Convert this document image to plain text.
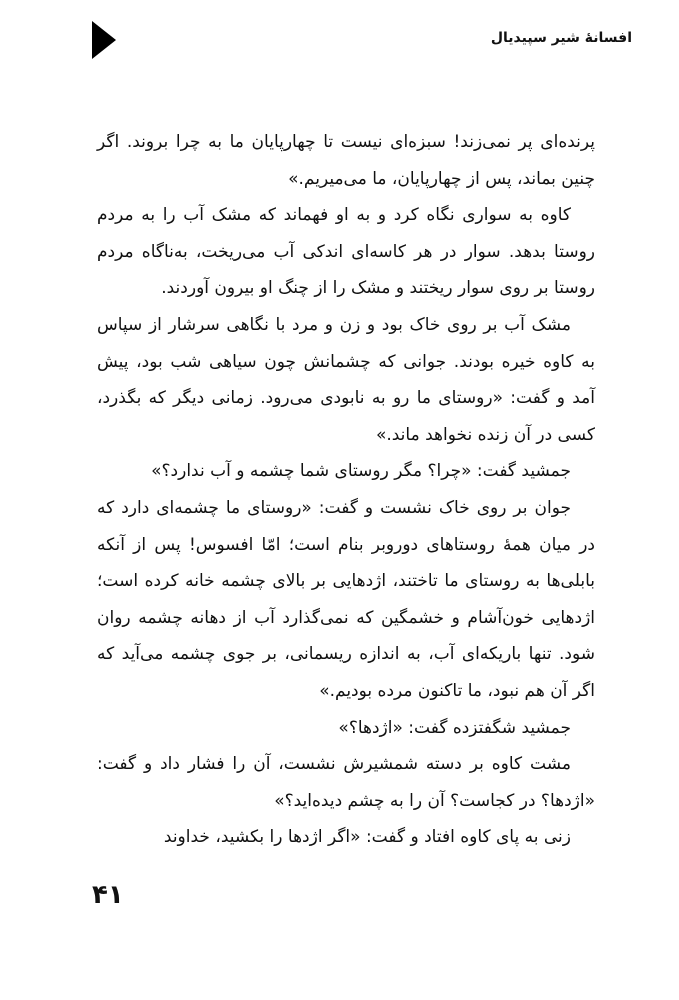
افسانهٔ شیر سپیدیال

پرنده‌ای پر نمی‌زند! سبزه‌ای نیست تا چهارپایان ما به چرا بروند. اگر چنین بماند، پس از چهارپایان، ما می‌میریم.»

کاوه به سواری نگاه کرد و به او فهماند که مشک آب را به مردم روستا بدهد. سوار در هر کاسه‌ای اندکی آب می‌ریخت، به‌ناگاه مردم روستا بر روی سوار ریختند و مشک را از چنگ او بیرون آوردند.

مشک آب بر روی خاک بود و زن و مرد با نگاهی سرشار از سپاس به کاوه خیره بودند. جوانی که چشمانش چون سیاهی شب بود، پیش آمد و گفت: «روستای ما رو به نابودی می‌رود. زمانی دیگر که بگذرد، کسی در آن زنده نخواهد ماند.»

جمشید گفت: «چرا؟ مگر روستای شما چشمه و آب ندارد؟»

جوان بر روی خاک نشست و گفت: «روستای ما چشمه‌ای دارد که در میان همهٔ روستاهای دوروبر بنام است؛ امّا افسوس! پس از آنکه بابلی‌ها به روستای ما تاختند، اژدهایی بر بالای چشمه خانه کرده است؛ اژدهایی خون‌آشام و خشمگین که نمی‌گذارد آب از دهانه چشمه روان شود. تنها باریکه‌ای آب، به اندازه ریسمانی، بر جوی چشمه می‌آید که اگر آن هم نبود، ما تاکنون مرده بودیم.»

جمشید شگفتزده گفت: «اژدها؟»

مشت کاوه بر دسته شمشیرش نشست، آن را فشار داد و گفت: «اژدها؟ در کجاست؟ آن را به چشم دیده‌اید؟»

زنی به پای کاوه افتاد و گفت: «اگر اژدها را بکشید، خداوند

۴۱
